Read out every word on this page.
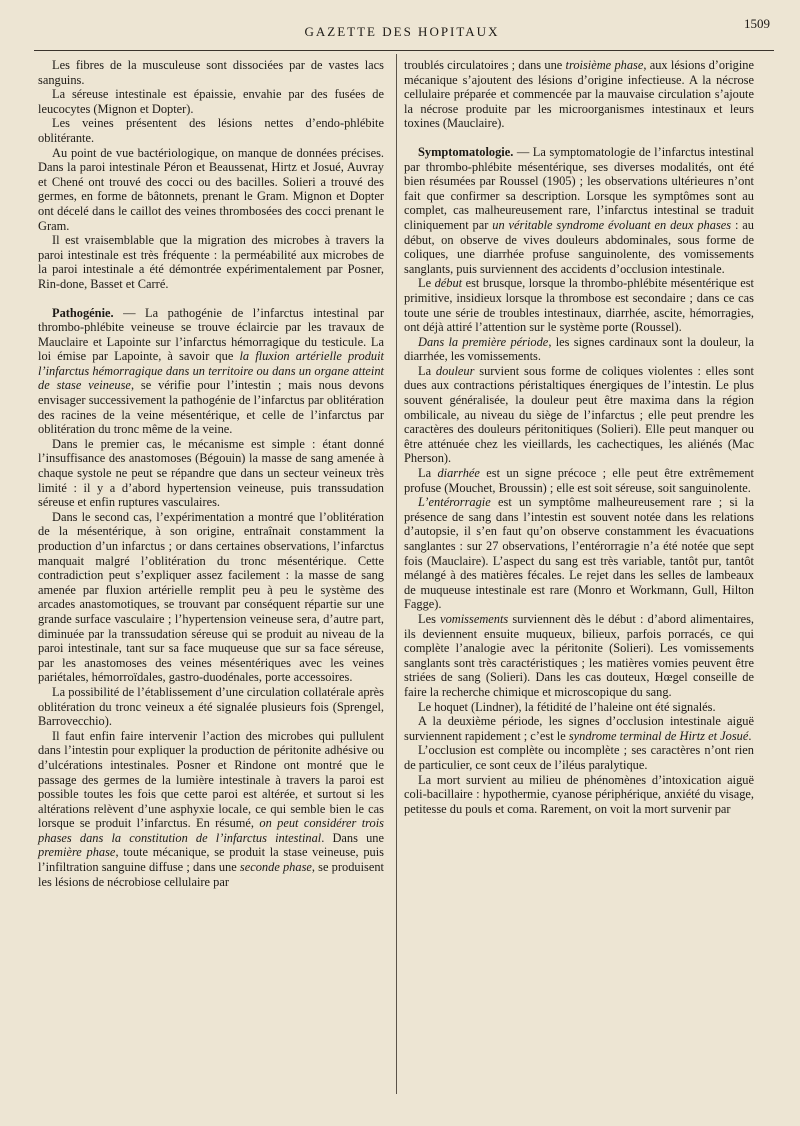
GAZETTE DES HOPITAUX
1509

Les fibres de la musculeuse sont dissociées par de vastes lacs sanguins.

La séreuse intestinale est épaissie, envahie par des fusées de leucocytes (Mignon et Dopter).

Les veines présentent des lésions nettes d’endo-phlébite oblitérante.

Au point de vue bactériologique, on manque de données précises. Dans la paroi intestinale Péron et Beaussenat, Hirtz et Josué, Auvray et Chené ont trouvé des cocci ou des bacilles. Solieri a trouvé des germes, en forme de bâtonnets, prenant le Gram. Mignon et Dopter ont décelé dans le caillot des veines thrombosées des cocci prenant le Gram.

Il est vraisemblable que la migration des microbes à travers la paroi intestinale est très fréquente : la perméabilité aux microbes de la paroi intestinale a été démontrée expérimentalement par Posner, Rin-done, Basset et Carré.

Pathogénie. — La pathogénie de l’infarctus intestinal par thrombo-phlébite veineuse se trouve éclaircie par les travaux de Mauclaire et Lapointe sur l’infarctus hémorragique du testicule. La loi émise par Lapointe, à savoir que la fluxion artérielle produit l’infarctus hémorragique dans un territoire ou dans un organe atteint de stase veineuse, se vérifie pour l’intestin ; mais nous devons envisager successivement la pathogénie de l’infarctus par oblitération des racines de la veine mésentérique, et celle de l’infarctus par oblitération du tronc même de la veine.

Dans le premier cas, le mécanisme est simple : étant donné l’insuffisance des anastomoses (Bégouin) la masse de sang amenée à chaque systole ne peut se répandre que dans un secteur veineux très limité : il y a d’abord hypertension veineuse, puis transsudation séreuse et enfin ruptures vasculaires.

Dans le second cas, l’expérimentation a montré que l’oblitération de la mésentérique, à son origine, entraînait constamment la production d’un infarctus ; or dans certaines observations, l’infarctus manquait malgré l’oblitération du tronc mésentérique. Cette contradiction peut s’expliquer assez facilement : la masse de sang amenée par fluxion artérielle remplit peu à peu le système des arcades anastomotiques, se trouvant par conséquent répartie sur une grande surface vasculaire ; l’hypertension veineuse sera, d’autre part, diminuée par la transsudation séreuse qui se produit au niveau de la paroi intestinale, tant sur sa face muqueuse que sur sa face séreuse, par les anastomoses des veines mésentériques avec les veines pariétales, hémorroïdales, gastro-duodénales, porte accessoires.

La possibilité de l’établissement d’une circulation collatérale après oblitération du tronc veineux a été signalée plusieurs fois (Sprengel, Barrovecchio).

Il faut enfin faire intervenir l’action des microbes qui pullulent dans l’intestin pour expliquer la production de péritonite adhésive ou d’ulcérations intestinales. Posner et Rindone ont montré que le passage des germes de la lumière intestinale à travers la paroi est possible toutes les fois que cette paroi est altérée, et surtout si les altérations relèvent d’une asphyxie locale, ce qui semble bien le cas lorsque se produit l’infarctus. En résumé, on peut considérer trois phases dans la constitution de l’infarctus intestinal. Dans une première phase, toute mécanique, se produit la stase veineuse, puis l’infiltration sanguine diffuse ; dans une seconde phase, se produisent les lésions de nécrobiose cellulaire par

troublés circulatoires ; dans une troisième phase, aux lésions d’origine mécanique s’ajoutent des lésions d’origine infectieuse. A la nécrose cellulaire préparée et commencée par la mauvaise circulation s’ajoute la nécrose produite par les microorganismes intestinaux et leurs toxines (Mauclaire).

Symptomatologie. — La symptomatologie de l’infarctus intestinal par thrombo-phlébite mésentérique, ses diverses modalités, ont été bien résumées par Roussel (1905) ; les observations ultérieures n’ont fait que confirmer sa description. Lorsque les symptômes sont au complet, cas malheureusement rare, l’infarctus intestinal se traduit cliniquement par un véritable syndrome évoluant en deux phases : au début, on observe de vives douleurs abdominales, sous forme de coliques, une diarrhée profuse sanguinolente, des vomissements sanglants, puis surviennent des accidents d’occlusion intestinale.

Le début est brusque, lorsque la thrombo-phlébite mésentérique est primitive, insidieux lorsque la thrombose est secondaire ; dans ce cas toute une série de troubles intestinaux, diarrhée, ascite, hémorragies, ont déjà attiré l’attention sur le système porte (Roussel).

Dans la première période, les signes cardinaux sont la douleur, la diarrhée, les vomissements.

La douleur survient sous forme de coliques violentes : elles sont dues aux contractions péristaltiques énergiques de l’intestin. Le plus souvent généralisée, la douleur peut être maxima dans la région ombilicale, au niveau du siège de l’infarctus ; elle peut prendre les caractères des douleurs péritonitiques (Solieri). Elle peut manquer ou être atténuée chez les vieillards, les cachectiques, les aliénés (Mac Pherson).

La diarrhée est un signe précoce ; elle peut être extrêmement profuse (Mouchet, Broussin) ; elle est soit séreuse, soit sanguinolente.

L’entérorragie est un symptôme malheureusement rare ; si la présence de sang dans l’intestin est souvent notée dans les relations d’autopsie, il s’en faut qu’on observe constamment les évacuations sanglantes : sur 27 observations, l’entérorragie n’a été notée que sept fois (Mauclaire). L’aspect du sang est très variable, tantôt pur, tantôt mélangé à des matières fécales. Le rejet dans les selles de lambeaux de muqueuse intestinale est rare (Monro et Workmann, Gull, Hilton Fagge).

Les vomissements surviennent dès le début : d’abord alimentaires, ils deviennent ensuite muqueux, bilieux, parfois porracés, ce qui complète l’analogie avec la péritonite (Solieri). Les vomissements sanglants sont très caractéristiques ; les matières vomies peuvent être striées de sang (Solieri). Dans les cas douteux, Hœgel conseille de faire la recherche chimique et microscopique du sang.

Le hoquet (Lindner), la fétidité de l’haleine ont été signalés.

A la deuxième période, les signes d’occlusion intestinale aiguë surviennent rapidement ; c’est le syndrome terminal de Hirtz et Josué.

L’occlusion est complète ou incomplète ; ses caractères n’ont rien de particulier, ce sont ceux de l’iléus paralytique.

La mort survient au milieu de phénomènes d’intoxication aiguë coli-bacillaire : hypothermie, cyanose périphérique, anxiété du visage, petitesse du pouls et coma. Rarement, on voit la mort survenir par
